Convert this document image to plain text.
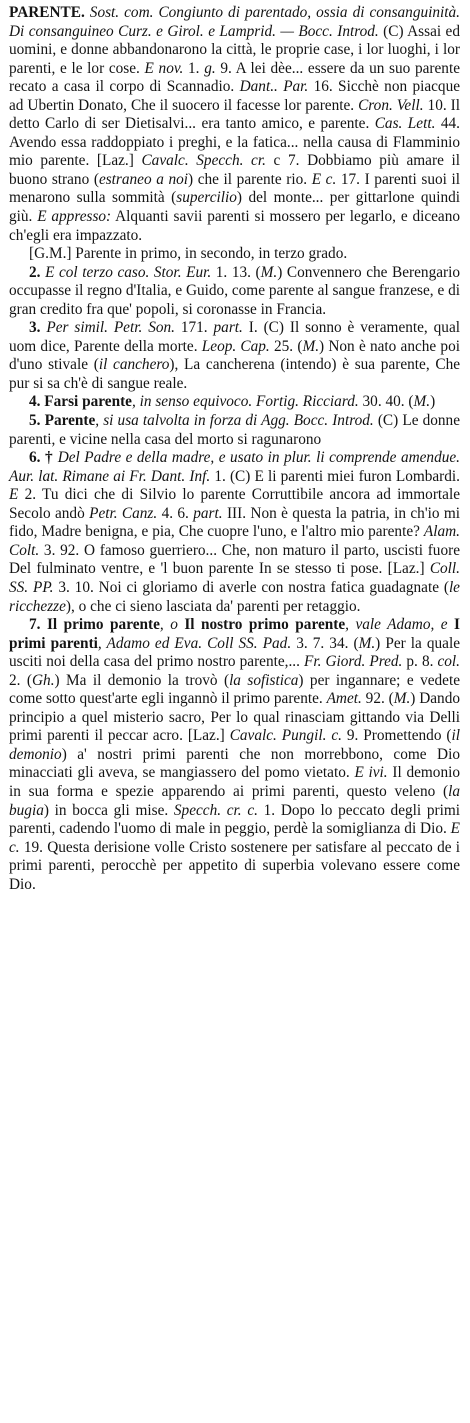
PARENTE. Sost. com. Congiunto di parentado, ossia di consanguinità. Di consanguineo Curz. e Girol. e Lamprid. — Bocc. Introd. (C) Assai ed uomini, e donne abbandonarono la città, le proprie case, i lor luoghi, i lor parenti, e le lor cose. E nov. 1. g. 9. A lei dèe... essere da un suo parente recato a casa il corpo di Scannadio. Dant.. Par. 16. Sicchè non piacque ad Ubertin Donato, Che il suocero il facesse lor parente. Cron. Vell. 10. Il detto Carlo di ser Dietisalvi... era tanto amico, e parente. Cas. Lett. 44. Avendo essa raddoppiato i preghi, e la fatica... nella causa di Flamminio mio parente. [Laz.] Cavalc. Specch. cr. c 7. Dobbiamo più amare il buono strano (estraneo a noi) che il parente rio. E c. 17. I parenti suoi il menarono sulla sommità (supercilio) del monte... per gittarlone quindi giù. E appresso: Alquanti savii parenti si mossero per legarlo, e diceano ch'egli era impazzato.

[G.M.] Parente in primo, in secondo, in terzo grado.

2. E col terzo caso. Stor. Eur. 1. 13. (M.) Convennero che Berengario occupasse il regno d'Italia, e Guido, come parente al sangue franzese, e di gran credito fra que' popoli, si coronasse in Francia.

3. Per simil. Petr. Son. 171. part. I. (C) Il sonno è veramente, qual uom dice, Parente della morte. Leop. Cap. 25. (M.) Non è nato anche poi d'uno stivale (il canchero), La cancherena (intendo) è sua parente, Che pur si sa ch'è di sangue reale.

4. Farsi parente, in senso equivoco. Fortig. Ricciard. 30. 40. (M.)

5. Parente, si usa talvolta in forza di Agg. Bocc. Introd. (C) Le donne parenti, e vicine nella casa del morto si ragunarono

6. † Del Padre e della madre, e usato in plur. li comprende amendue. Aur. lat. Rimane ai Fr. Dant. Inf. 1. (C) E li parenti miei furon Lombardi. E 2. Tu dici che di Silvio lo parente Corruttibile ancora ad immortale Secolo andò Petr. Canz. 4. 6. part. III. Non è questa la patria, in ch'io mi fido, Madre benigna, e pia, Che cuopre l'uno, e l'altro mio parente? Alam. Colt. 3. 92. O famoso guerriero... Che, non maturo il parto, uscisti fuore Del fulminato ventre, e 'l buon parente In se stesso ti pose. [Laz.] Coll. SS. PP. 3. 10. Noi ci gloriamo di averle con nostra fatica guadagnate (le ricchezze), o che ci sieno lasciata da' parenti per retaggio.

7. Il primo parente, o Il nostro primo parente, vale Adamo, e I primi parenti, Adamo ed Eva. Coll SS. Pad. 3. 7. 34. (M.) Per la quale usciti noi della casa del primo nostro parente,... Fr. Giord. Pred. p. 8. col. 2. (Gh.) Ma il demonio la trovò (la sofistica) per ingannare; e vedete come sotto quest'arte egli ingannò il primo parente. Amet. 92. (M.) Dando principio a quel misterio sacro, Per lo qual rinasciam gittando via Delli primi parenti il peccar acro. [Laz.] Cavalc. Pungil. c. 9. Promettendo (il demonio) a' nostri primi parenti che non morrebbono, come Dio minacciati gli aveva, se mangiassero del pomo vietato. E ivi. Il demonio in sua forma e spezie apparendo ai primi parenti, questo veleno (la bugia) in bocca gli mise. Specch. cr. c. 1. Dopo lo peccato degli primi parenti, cadendo l'uomo di male in peggio, perdè la somiglianza di Dio. E c. 19. Questa derisione volle Cristo sostenere per satisfare al peccato de i primi parenti, perocchè per appetito di superbia volevano essere come Dio.
